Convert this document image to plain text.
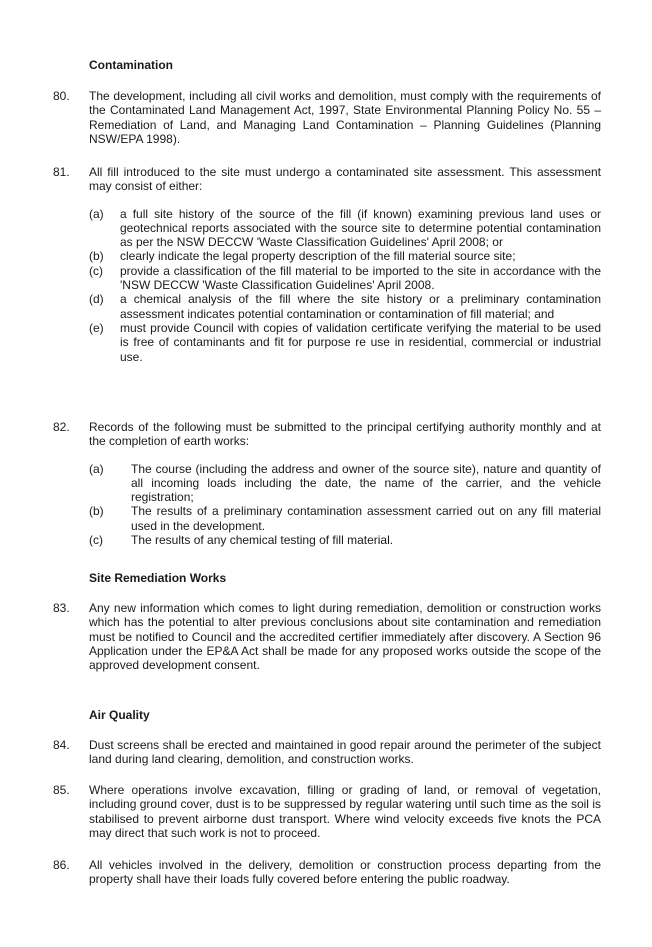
Contamination
80. The development, including all civil works and demolition, must comply with the requirements of the Contaminated Land Management Act, 1997, State Environmental Planning Policy No. 55 – Remediation of Land, and Managing Land Contamination – Planning Guidelines (Planning NSW/EPA 1998).
81. All fill introduced to the site must undergo a contaminated site assessment. This assessment may consist of either:
(a) a full site history of the source of the fill (if known) examining previous land uses or geotechnical reports associated with the source site to determine potential contamination as per the NSW DECCW 'Waste Classification Guidelines' April 2008; or
(b) clearly indicate the legal property description of the fill material source site;
(c) provide a classification of the fill material to be imported to the site in accordance with the 'NSW DECCW 'Waste Classification Guidelines' April 2008.
(d) a chemical analysis of the fill where the site history or a preliminary contamination assessment indicates potential contamination or contamination of fill material; and
(e) must provide Council with copies of validation certificate verifying the material to be used is free of contaminants and fit for purpose re use in residential, commercial or industrial use.
82. Records of the following must be submitted to the principal certifying authority monthly and at the completion of earth works:
(a) The course (including the address and owner of the source site), nature and quantity of all incoming loads including the date, the name of the carrier, and the vehicle registration;
(b) The results of a preliminary contamination assessment carried out on any fill material used in the development.
(c) The results of any chemical testing of fill material.
Site Remediation Works
83. Any new information which comes to light during remediation, demolition or construction works which has the potential to alter previous conclusions about site contamination and remediation must be notified to Council and the accredited certifier immediately after discovery. A Section 96 Application under the EP&A Act shall be made for any proposed works outside the scope of the approved development consent.
Air Quality
84. Dust screens shall be erected and maintained in good repair around the perimeter of the subject land during land clearing, demolition, and construction works.
85. Where operations involve excavation, filling or grading of land, or removal of vegetation, including ground cover, dust is to be suppressed by regular watering until such time as the soil is stabilised to prevent airborne dust transport. Where wind velocity exceeds five knots the PCA may direct that such work is not to proceed.
86. All vehicles involved in the delivery, demolition or construction process departing from the property shall have their loads fully covered before entering the public roadway.
